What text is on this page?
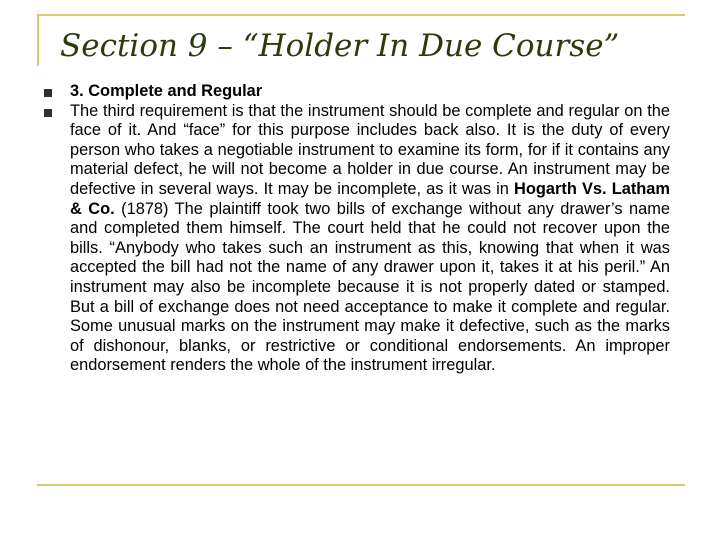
Section 9 – “Holder In Due Course”
3. Complete and Regular
The third requirement is that the instrument should be complete and regular on the face of it. And “face” for this purpose includes back also. It is the duty of every person who takes a negotiable instrument to examine its form, for if it contains any material defect, he will not become a holder in due course. An instrument may be defective in several ways. It may be incomplete, as it was in Hogarth Vs. Latham & Co. (1878) The plaintiff took two bills of exchange without any drawer’s name and completed them himself. The court held that he could not recover upon the bills. “Anybody who takes such an instrument as this, knowing that when it was accepted the bill had not the name of any drawer upon it, takes it at his peril.” An instrument may also be incomplete because it is not properly dated or stamped. But a bill of exchange does not need acceptance to make it complete and regular. Some unusual marks on the instrument may make it defective, such as the marks of dishonour, blanks, or restrictive or conditional endorsements. An improper endorsement renders the whole of the instrument irregular.
